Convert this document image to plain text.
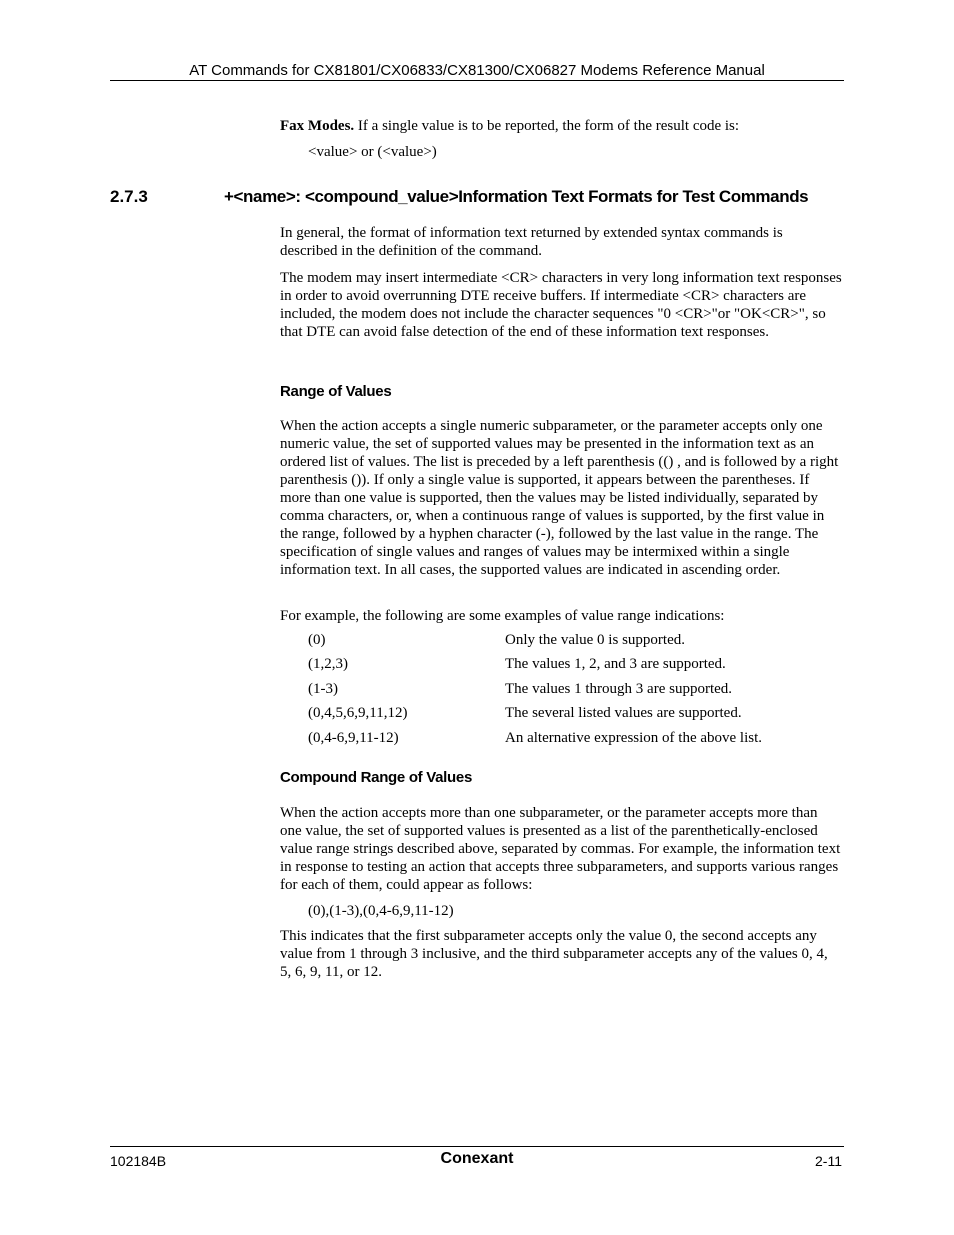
AT Commands for CX81801/CX06833/CX81300/CX06827 Modems Reference Manual
Fax Modes. If a single value is to be reported, the form of the result code is:
<value> or (<value>)
2.7.3	+<name>: <compound_value>Information Text Formats for Test Commands
In general, the format of information text returned by extended syntax commands is described in the definition of the command.
The modem may insert intermediate <CR> characters in very long information text responses in order to avoid overrunning DTE receive buffers. If intermediate <CR> characters are included, the modem does not include the character sequences "0 <CR>"or "OK<CR>", so that DTE can avoid false detection of the end of these information text responses.
Range of Values
When the action accepts a single numeric subparameter, or the parameter accepts only one numeric value, the set of supported values may be presented in the information text as an ordered list of values. The list is preceded by a left parenthesis (() , and is followed by a right parenthesis ()). If only a single value is supported, it appears between the parentheses. If more than one value is supported, then the values may be listed individually, separated by comma characters, or, when a continuous range of values is supported, by the first value in the range, followed by a hyphen character (-), followed by the last value in the range. The specification of single values and ranges of values may be intermixed within a single information text. In all cases, the supported values are indicated in ascending order.
For example, the following are some examples of value range indications:
(0)	Only the value 0 is supported.
(1,2,3)	The values 1, 2, and 3 are supported.
(1-3)	The values 1 through 3 are supported.
(0,4,5,6,9,11,12)	The several listed values are supported.
(0,4-6,9,11-12)	An alternative expression of the above list.
Compound Range of Values
When the action accepts more than one subparameter, or the parameter accepts more than one value, the set of supported values is presented as a list of the parenthetically-enclosed value range strings described above, separated by commas. For example, the information text in response to testing an action that accepts three subparameters, and supports various ranges for each of them, could appear as follows:
(0),(1-3),(0,4-6,9,11-12)
This indicates that the first subparameter accepts only the value 0, the second accepts any value from 1 through 3 inclusive, and the third subparameter accepts any of the values 0, 4, 5, 6, 9, 11, or 12.
102184B	Conexant	2-11
